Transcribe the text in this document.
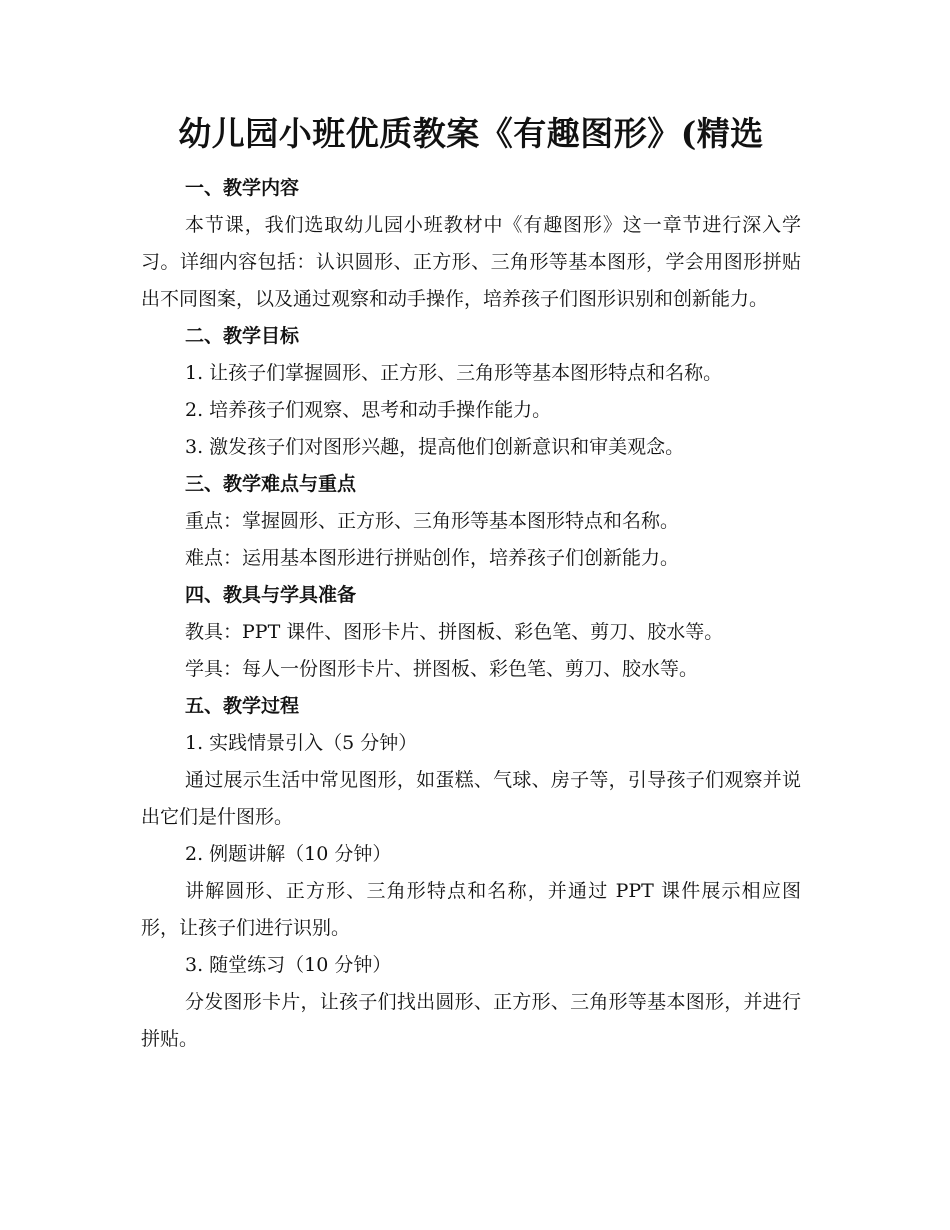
幼儿园小班优质教案《有趣图形》(精选

一、教学内容

本节课，我们选取幼儿园小班教材中《有趣图形》这一章节进行深入学习。详细内容包括：认识圆形、正方形、三角形等基本图形，学会用图形拼贴出不同图案，以及通过观察和动手操作，培养孩子们图形识别和创新能力。

二、教学目标

1. 让孩子们掌握圆形、正方形、三角形等基本图形特点和名称。

2. 培养孩子们观察、思考和动手操作能力。

3. 激发孩子们对图形兴趣，提高他们创新意识和审美观念。

三、教学难点与重点

重点：掌握圆形、正方形、三角形等基本图形特点和名称。

难点：运用基本图形进行拼贴创作，培养孩子们创新能力。

四、教具与学具准备

教具：PPT 课件、图形卡片、拼图板、彩色笔、剪刀、胶水等。

学具：每人一份图形卡片、拼图板、彩色笔、剪刀、胶水等。

五、教学过程

1. 实践情景引入（5 分钟）

通过展示生活中常见图形，如蛋糕、气球、房子等，引导孩子们观察并说出它们是什图形。

2. 例题讲解（10 分钟）

讲解圆形、正方形、三角形特点和名称，并通过 PPT 课件展示相应图形，让孩子们进行识别。

3. 随堂练习（10 分钟）

分发图形卡片，让孩子们找出圆形、正方形、三角形等基本图形，并进行拼贴。
